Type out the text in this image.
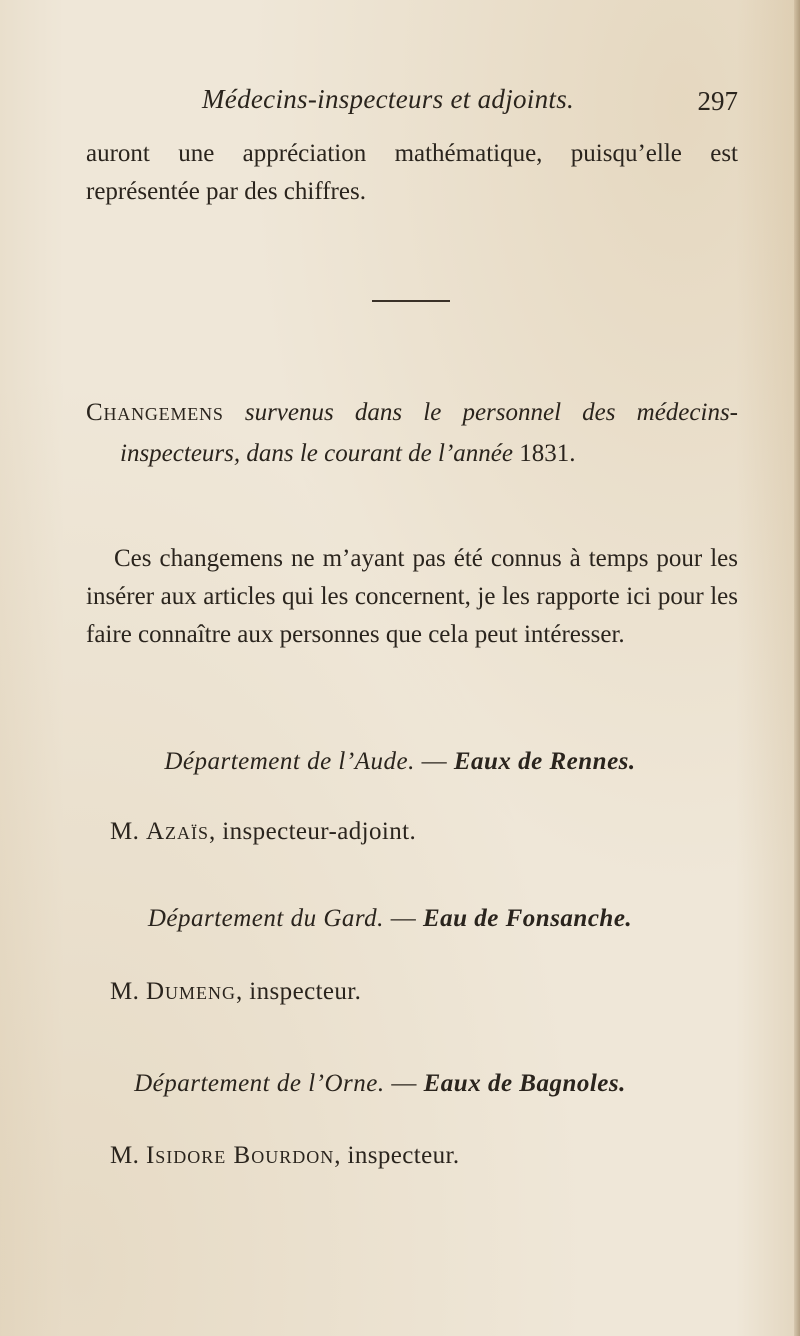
Médecins-inspecteurs et adjoints.	297

auront une appréciation mathématique, puisqu’elle est représentée par des chiffres.

Changemens survenus dans le personnel des médecins-inspecteurs, dans le courant de l’année 1831.

Ces changemens ne m’ayant pas été connus à temps pour les insérer aux articles qui les concernent, je les rapporte ici pour les faire connaître aux personnes que cela peut intéresser.

Département de l’Aude. — Eaux de Rennes.
M. Azaïs, inspecteur-adjoint.
Département du Gard. — Eau de Fonsanche.
M. Dumeng, inspecteur.
Département de l’Orne. — Eaux de Bagnoles.
M. Isidore Bourdon, inspecteur.
